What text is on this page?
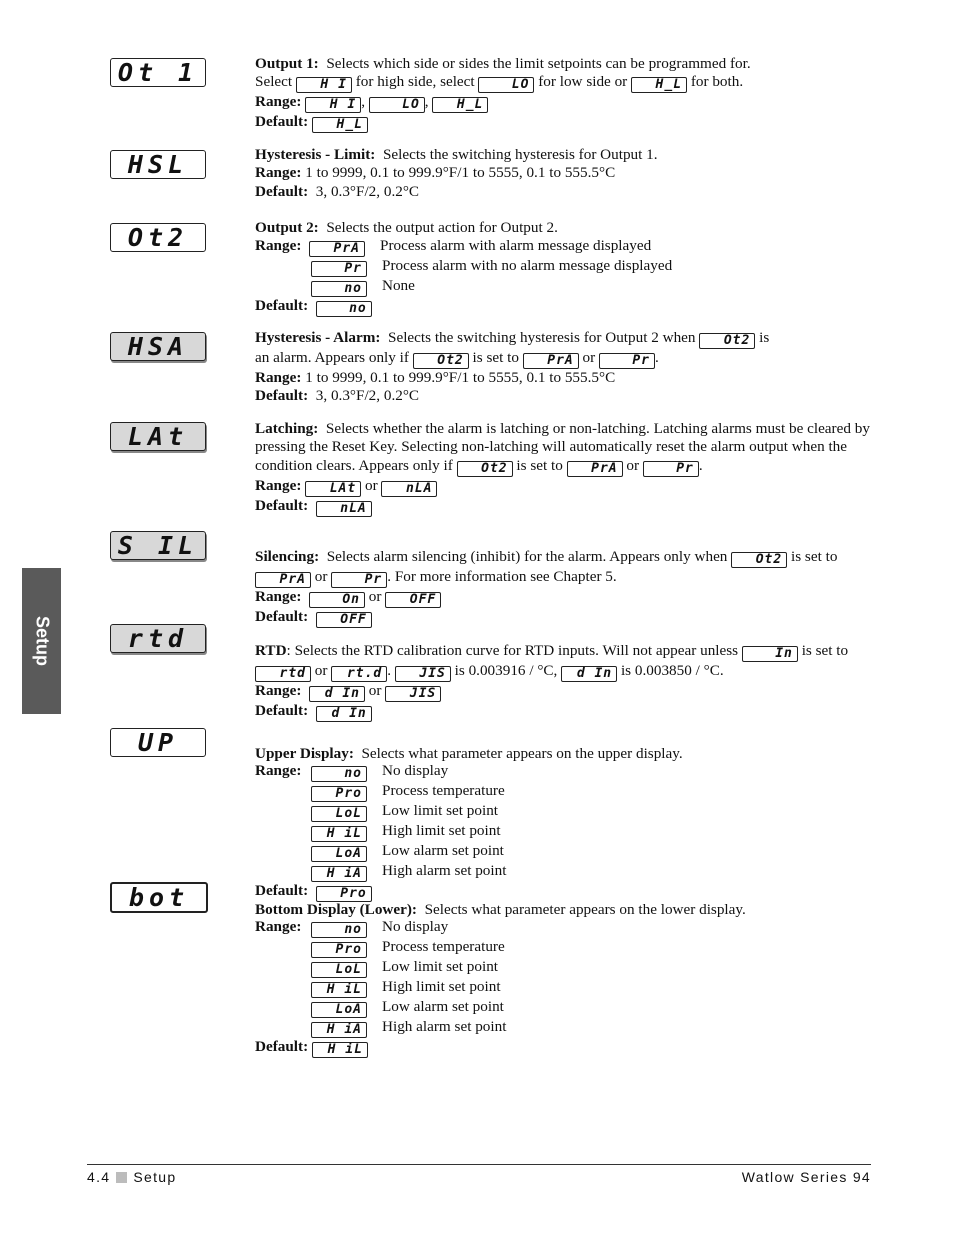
Setup
Ot 1
HSL
Ot2
HSA
LAt
S IL
rtd
UP
bot

Output 1: Selects which side or sides the limit setpoints can be programmed for.

Select H I for high side, select	LO for low side or H_L for both.

Range: H I ,	LO , H_L

Default: H_L

Hysteresis - Limit: Selects the switching hysteresis for Output 1.

Range: 1 to 9999, 0.1 to 999.9°F/1 to 5555, 0.1 to 555.5°C

Default: 3, 0.3°F/2, 0.2°C

Output 2: Selects the output action for Output 2.

Range:	PrA	Process alarm with alarm message displayed
Pr	Process alarm with no alarm message displayed
no	None

Default:	no

Hysteresis - Alarm: Selects the switching hysteresis for Output 2 when Ot2 is

an alarm. Appears only if Ot2 is set to PrA or	Pr .

Range: 1 to 9999, 0.1 to 999.9°F/1 to 5555, 0.1 to 555.5°C

Default: 3, 0.3°F/2, 0.2°C

Latching: Selects whether the alarm is latching or non-latching. Latching alarms must be cleared by pressing the Reset Key. Selecting non-latching will automatically reset the alarm output when the condition clears. Appears only if Ot2 is set to PrA or	Pr .

Range: LAt or nLA

Default: nLA

Silencing: Selects alarm silencing (inhibit) for the alarm. Appears only when Ot2 is set to PrA or	Pr . For more information see Chapter 5.

Range:	On or OFF

Default: OFF

RTD: Selects the RTD calibration curve for RTD inputs. Will not appear unless	In is set to rtd or rt.d . JIS is 0.003916 / °C, d In is 0.003850 / °C.

Range: d In or JIS

Default: d In

Upper Display: Selects what parameter appears on the upper display.

Range:	no	No display
Pro	Process temperature
LoL	Low limit set point
H iL	High limit set point
LoA	Low alarm set point
H iA	High alarm set point

Default: Pro

Bottom Display (Lower): Selects what parameter appears on the lower display.

Range:	no	No display
Pro	Process temperature
LoL	Low limit set point
H iL	High limit set point
LoA	Low alarm set point
H iA	High alarm set point

Default: H iL

4.4 Setup	Watlow Series 94
